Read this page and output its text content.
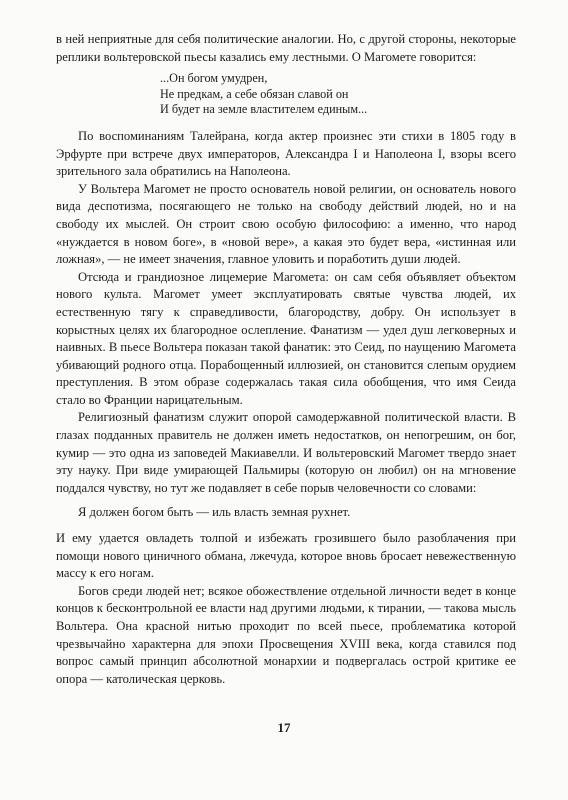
в ней неприятные для себя политические аналогии. Но, с другой стороны, некоторые реплики вольтеровской пьесы казались ему лестными. О Магомете говорится:

...Он богом умудрен,
Не предкам, а себе обязан славой он
И будет на земле властителем единым...

По воспоминаниям Талейрана, когда актер произнес эти стихи в 1805 году в Эрфурте при встрече двух императоров, Александра I и Наполеона I, взоры всего зрительного зала обратились на Наполеона.

У Вольтера Магомет не просто основатель новой религии, он основатель нового вида деспотизма, посягающего не только на свободу действий людей, но и на свободу их мыслей. Он строит свою особую философию: а именно, что народ «нуждается в новом боге», в «новой вере», а какая это будет вера, «истинная или ложная», — не имеет значения, главное уловить и поработить души людей.

Отсюда и грандиозное лицемерие Магомета: он сам себя объявляет объектом нового культа. Магомет умеет эксплуатировать святые чувства людей, их естественную тягу к справедливости, благородству, добру. Он использует в корыстных целях их благородное ослепление. Фанатизм — удел душ легковерных и наивных. В пьесе Вольтера показан такой фанатик: это Сеид, по наущению Магомета убивающий родного отца. Порабощенный иллюзией, он становится слепым орудием преступления. В этом образе содержалась такая сила обобщения, что имя Сеида стало во Франции нарицательным.

Религиозный фанатизм служит опорой самодержавной политической власти. В глазах подданных правитель не должен иметь недостатков, он непогрешим, он бог, кумир — это одна из заповедей Макиавелли. И вольтеровский Магомет твердо знает эту науку. При виде умирающей Пальмиры (которую он любил) он на мгновение поддался чувству, но тут же подавляет в себе порыв человечности со словами:

Я должен богом быть — иль власть земная рухнет.

И ему удается овладеть толпой и избежать грозившего было разоблачения при помощи нового циничного обмана, лжечуда, которое вновь бросает невежественную массу к его ногам.

Богов среди людей нет; всякое обожествление отдельной личности ведет в конце концов к бесконтрольной ее власти над другими людьми, к тирании, — такова мысль Вольтера. Она красной нитью проходит по всей пьесе, проблематика которой чрезвычайно характерна для эпохи Просвещения XVIII века, когда ставился под вопрос самый принцип абсолютной монархии и подвергалась острой критике ее опора — католическая церковь.

17
